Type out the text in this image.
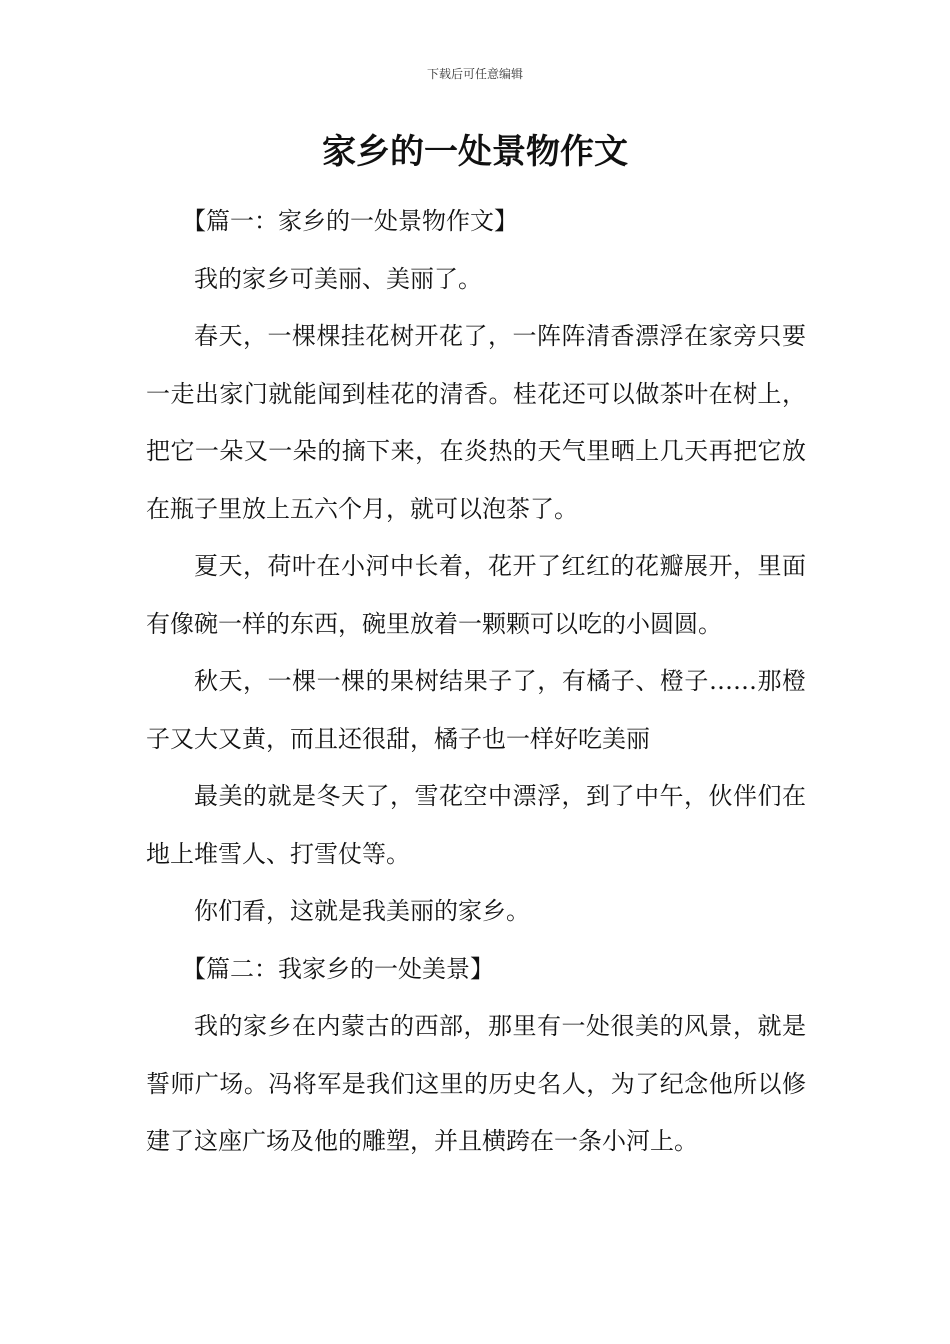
下载后可任意编辑
家乡的一处景物作文

【篇一：家乡的一处景物作文】

我的家乡可美丽、美丽了。

春天，一棵棵挂花树开花了，一阵阵清香漂浮在家旁只要一走出家门就能闻到桂花的清香。桂花还可以做茶叶在树上，把它一朵又一朵的摘下来，在炎热的天气里晒上几天再把它放在瓶子里放上五六个月，就可以泡茶了。

夏天，荷叶在小河中长着，花开了红红的花瓣展开，里面有像碗一样的东西，碗里放着一颗颗可以吃的小圆圆。

秋天，一棵一棵的果树结果子了，有橘子、橙子……那橙子又大又黄，而且还很甜，橘子也一样好吃美丽

最美的就是冬天了，雪花空中漂浮，到了中午，伙伴们在地上堆雪人、打雪仗等。

你们看，这就是我美丽的家乡。

【篇二：我家乡的一处美景】

我的家乡在内蒙古的西部，那里有一处很美的风景，就是誓师广场。冯将军是我们这里的历史名人，为了纪念他所以修建了这座广场及他的雕塑，并且横跨在一条小河上。
